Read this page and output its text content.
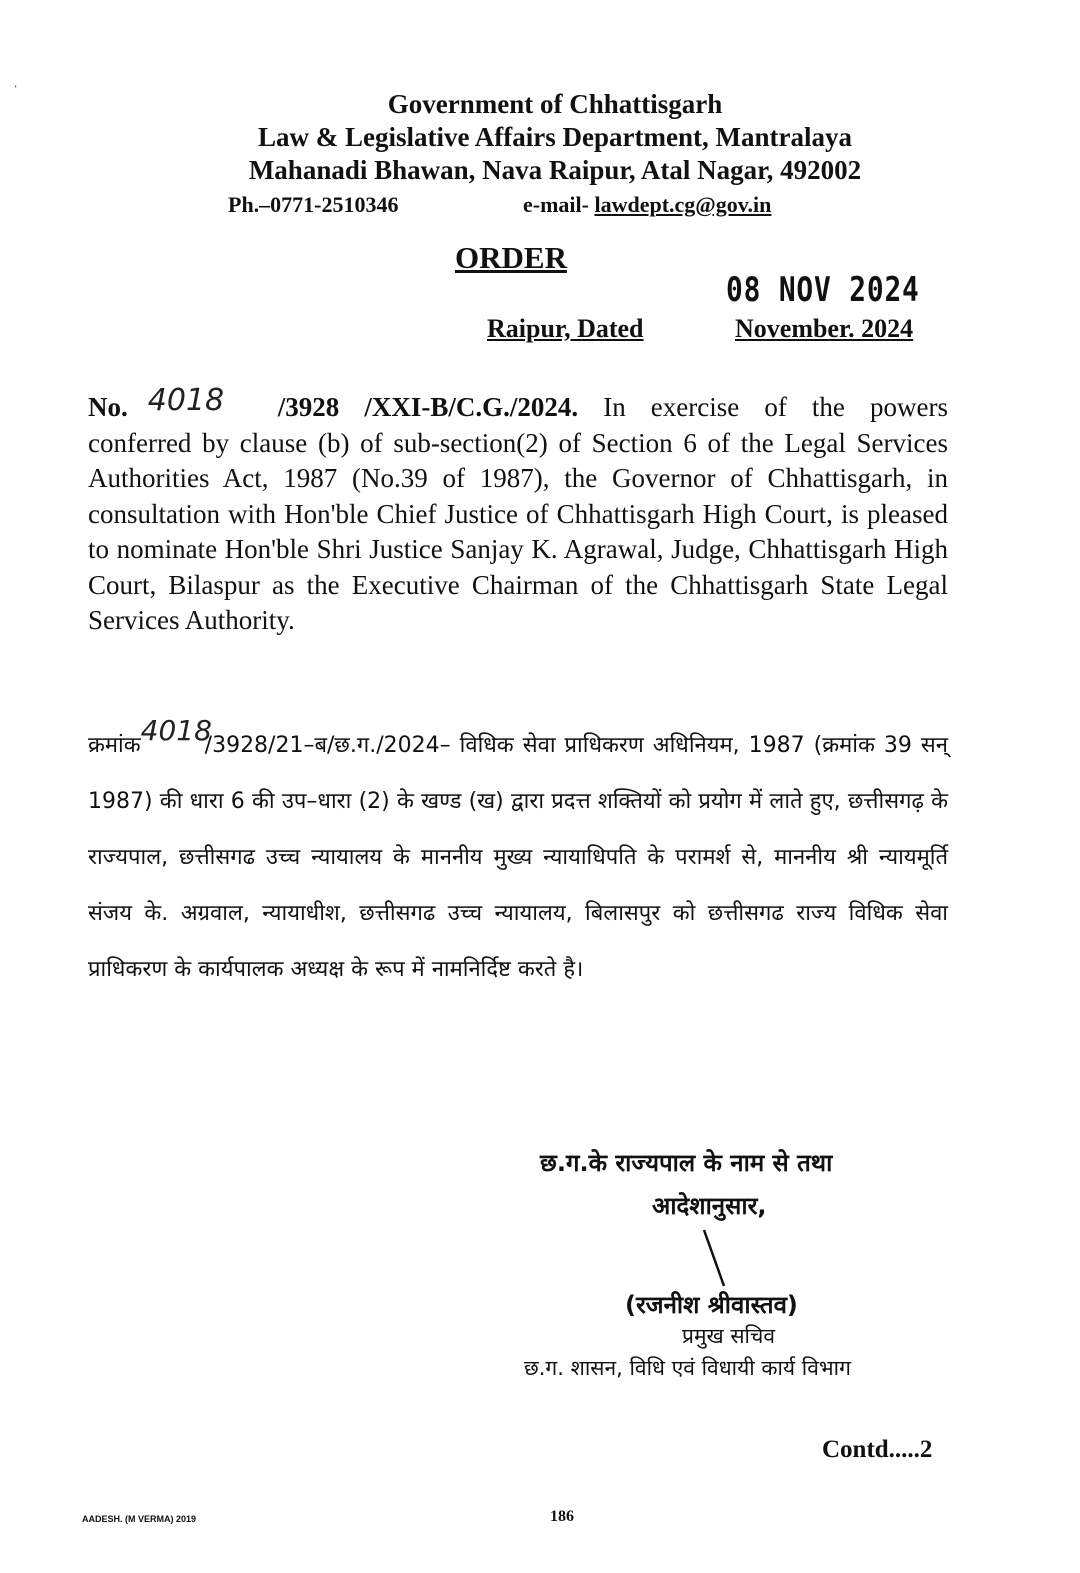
ʻ	Government of Chhattisgarh
Law & Legislative Affairs Department, Mantralaya
Mahanadi Bhawan, Nava Raipur, Atal Nagar, 492002
Ph.–0771-2510346	e-mail- lawdept.cg@gov.in
ORDER
08 NOV 2024
Raipur, Dated	November. 2024
No. 4018 /3928 /XXI-B/C.G./2024. In exercise of the powers conferred by clause (b) of sub-section(2) of Section 6 of the Legal Services Authorities Act, 1987 (No.39 of 1987), the Governor of Chhattisgarh, in consultation with Hon'ble Chief Justice of Chhattisgarh High Court, is pleased to nominate Hon'ble Shri Justice Sanjay K. Agrawal, Judge, Chhattisgarh High Court, Bilaspur as the Executive Chairman of the Chhattisgarh State Legal Services Authority.
क्रमांक4018/3928/21–ब/छ.ग./2024– विधिक सेवा प्राधिकरण अधिनियम, 1987 (क्रमांक 39 सन् 1987) की धारा 6 की उप–धारा (2) के खण्ड (ख) द्वारा प्रदत्त शक्तियों को प्रयोग में लाते हुए, छत्तीसगढ़ के राज्यपाल, छत्तीसगढ उच्च न्यायालय के माननीय मुख्य न्यायाधिपति के परामर्श से, माननीय श्री न्यायमूर्ति संजय के. अग्रवाल, न्यायाधीश, छत्तीसगढ उच्च न्यायालय, बिलासपुर को छत्तीसगढ राज्य विधिक सेवा प्राधिकरण के कार्यपालक अध्यक्ष के रूप में नामनिर्दिष्ट करते है।
छ.ग.के राज्यपाल के नाम से तथा
आदेशानुसार,
(रजनीश श्रीवास्तव)
प्रमुख सचिव
छ.ग. शासन, विधि एवं विधायी कार्य विभाग
Contd.....2
AADESH. (M VERMA) 2019	186
